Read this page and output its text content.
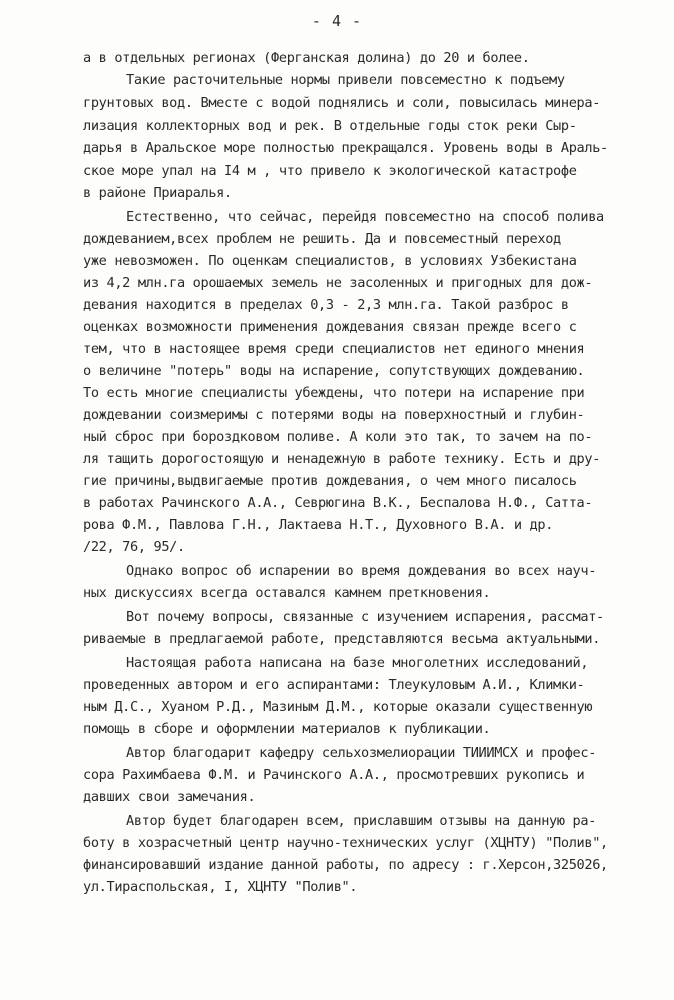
- 4 -
а в отдельных регионах (Ферганская долина) до 20 и более.
Такие расточительные нормы привели повсеместно к подъему
грунтовых вод. Вместе с водой поднялись и соли, повысилась минера-
лизация коллекторных вод и рек. В отдельные годы сток реки Сыр-
дарья в Аральское море полностью прекращался. Уровень воды в Араль-
ское море упал на I4 м , что привело к экологической катастрофе
в районе Приаралья.
Естественно, что сейчас, перейдя повсеместно на способ полива
дождеванием,всех проблем не решить. Да и повсеместный переход
уже невозможен. По оценкам специалистов, в условиях Узбекистана
из 4,2 млн.га орошаемых земель не засоленных и пригодных для дож-
девания находится в пределах 0,3 - 2,3 млн.га. Такой разброс в
оценках возможности применения дождевания связан прежде всего с
тем, что в настоящее время среди специалистов нет единого мнения
о величине "потерь" воды на испарение, сопутствующих дождеванию.
То есть многие специалисты убеждены, что потери на испарение при
дождевании соизмеримы с потерями воды на поверхностный и глубин-
ный сброс при бороздковом поливе. А коли это так, то зачем на по-
ля тащить дорогостоящую и ненадежную в работе технику. Есть и дру-
гие причины,выдвигаемые против дождевания, о чем много писалось
в работах Рачинского А.А., Севрюгина В.К., Беспалова Н.Ф., Сатта-
рова Ф.М., Павлова Г.Н., Лактаева Н.Т., Духовного В.А. и др.
/22, 76, 95/.
Однако вопрос об испарении во время дождевания во всех науч-
ных дискуссиях всегда оставался камнем преткновения.
Вот почему вопросы, связанные с изучением испарения, рассмат-
риваемые в предлагаемой работе, представляются весьма актуальными.
Настоящая работа написана на базе многолетних исследований,
проведенных автором и его аспирантами: Тлеукуловым А.И., Климки-
ным Д.С., Хуаном Р.Д., Мазиным Д.М., которые оказали существенную
помощь в сборе и оформлении материалов к публикации.
Автор благодарит кафедру сельхозмелиорации ТИИИМСХ и профес-
сора Рахимбаева Ф.М. и Рачинского А.А., просмотревших рукопись и
давших свои замечания.
Автор будет благодарен всем, приславшим отзывы на данную ра-
боту в хозрасчетный центр научно-технических услуг (ХЦНТУ) "Полив",
финансировавший издание данной работы, по адресу : г.Херсон,325026,
ул.Тираспольская, I, ХЦНТУ "Полив".
